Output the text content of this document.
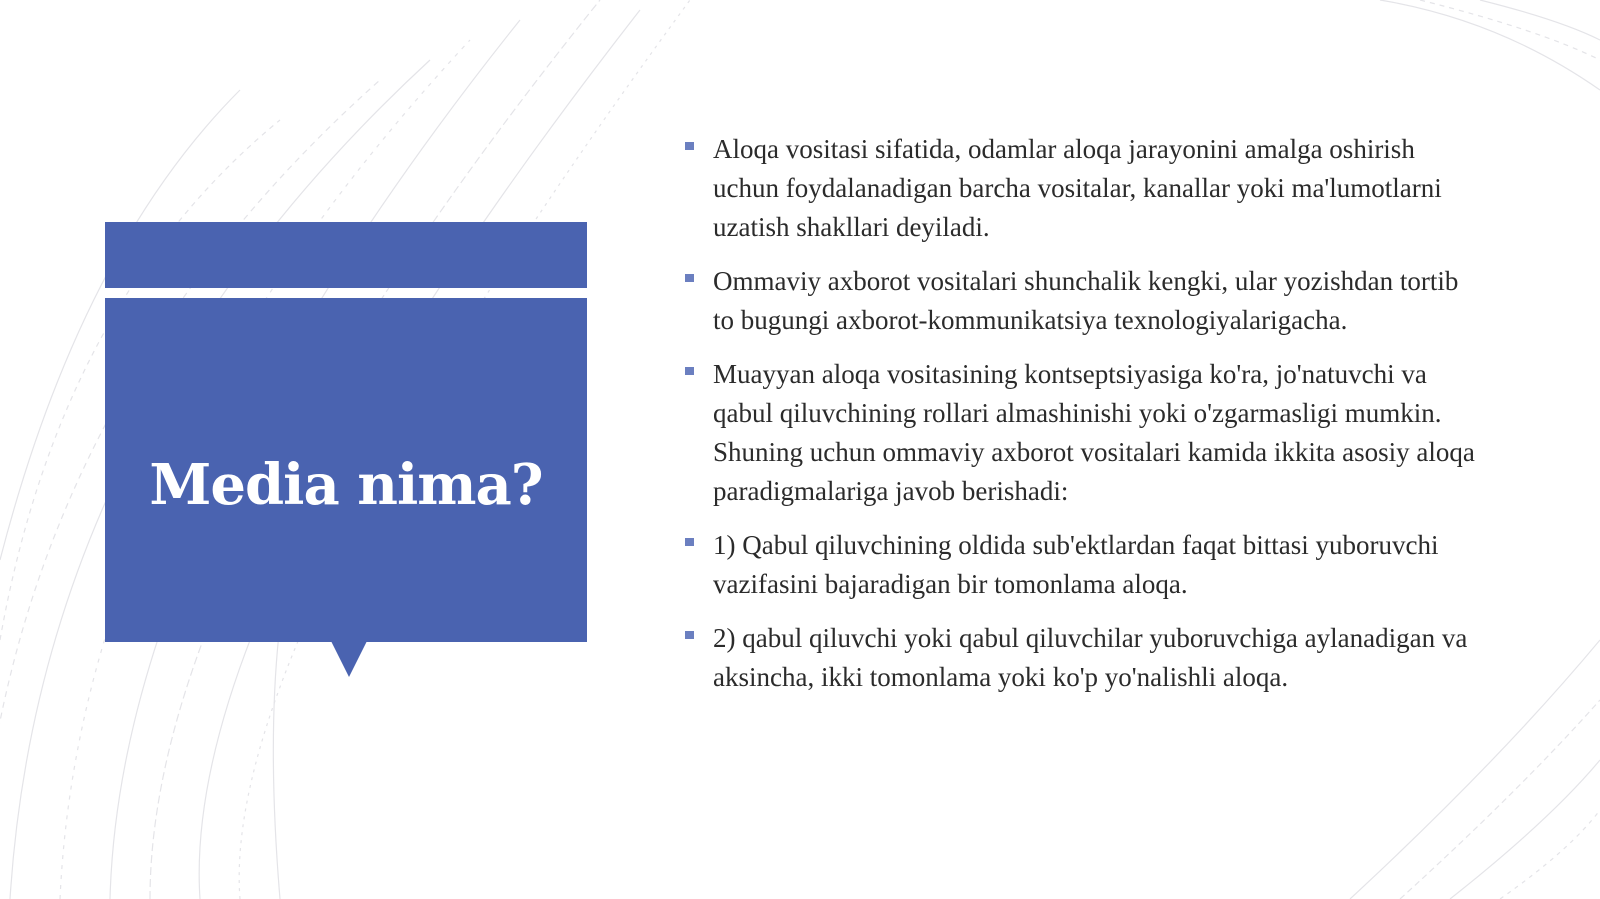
Media nima?
Aloqa vositasi sifatida, odamlar aloqa jarayonini amalga oshirish uchun foydalanadigan barcha vositalar, kanallar yoki ma'lumotlarni uzatish shakllari deyiladi.
Ommaviy axborot vositalari shunchalik kengki, ular yozishdan tortib to bugungi axborot-kommunikatsiya texnologiyalarigacha.
Muayyan aloqa vositasining kontseptsiyasiga ko'ra, jo'natuvchi va qabul qiluvchining rollari almashinishi yoki o'zgarmasligi mumkin. Shuning uchun ommaviy axborot vositalari kamida ikkita asosiy aloqa paradigmalariga javob berishadi:
1) Qabul qiluvchining oldida sub'ektlardan faqat bittasi yuboruvchi vazifasini bajaradigan bir tomonlama aloqa.
2) qabul qiluvchi yoki qabul qiluvchilar yuboruvchiga aylanadigan va aksincha, ikki tomonlama yoki ko'p yo'nalishli aloqa.
